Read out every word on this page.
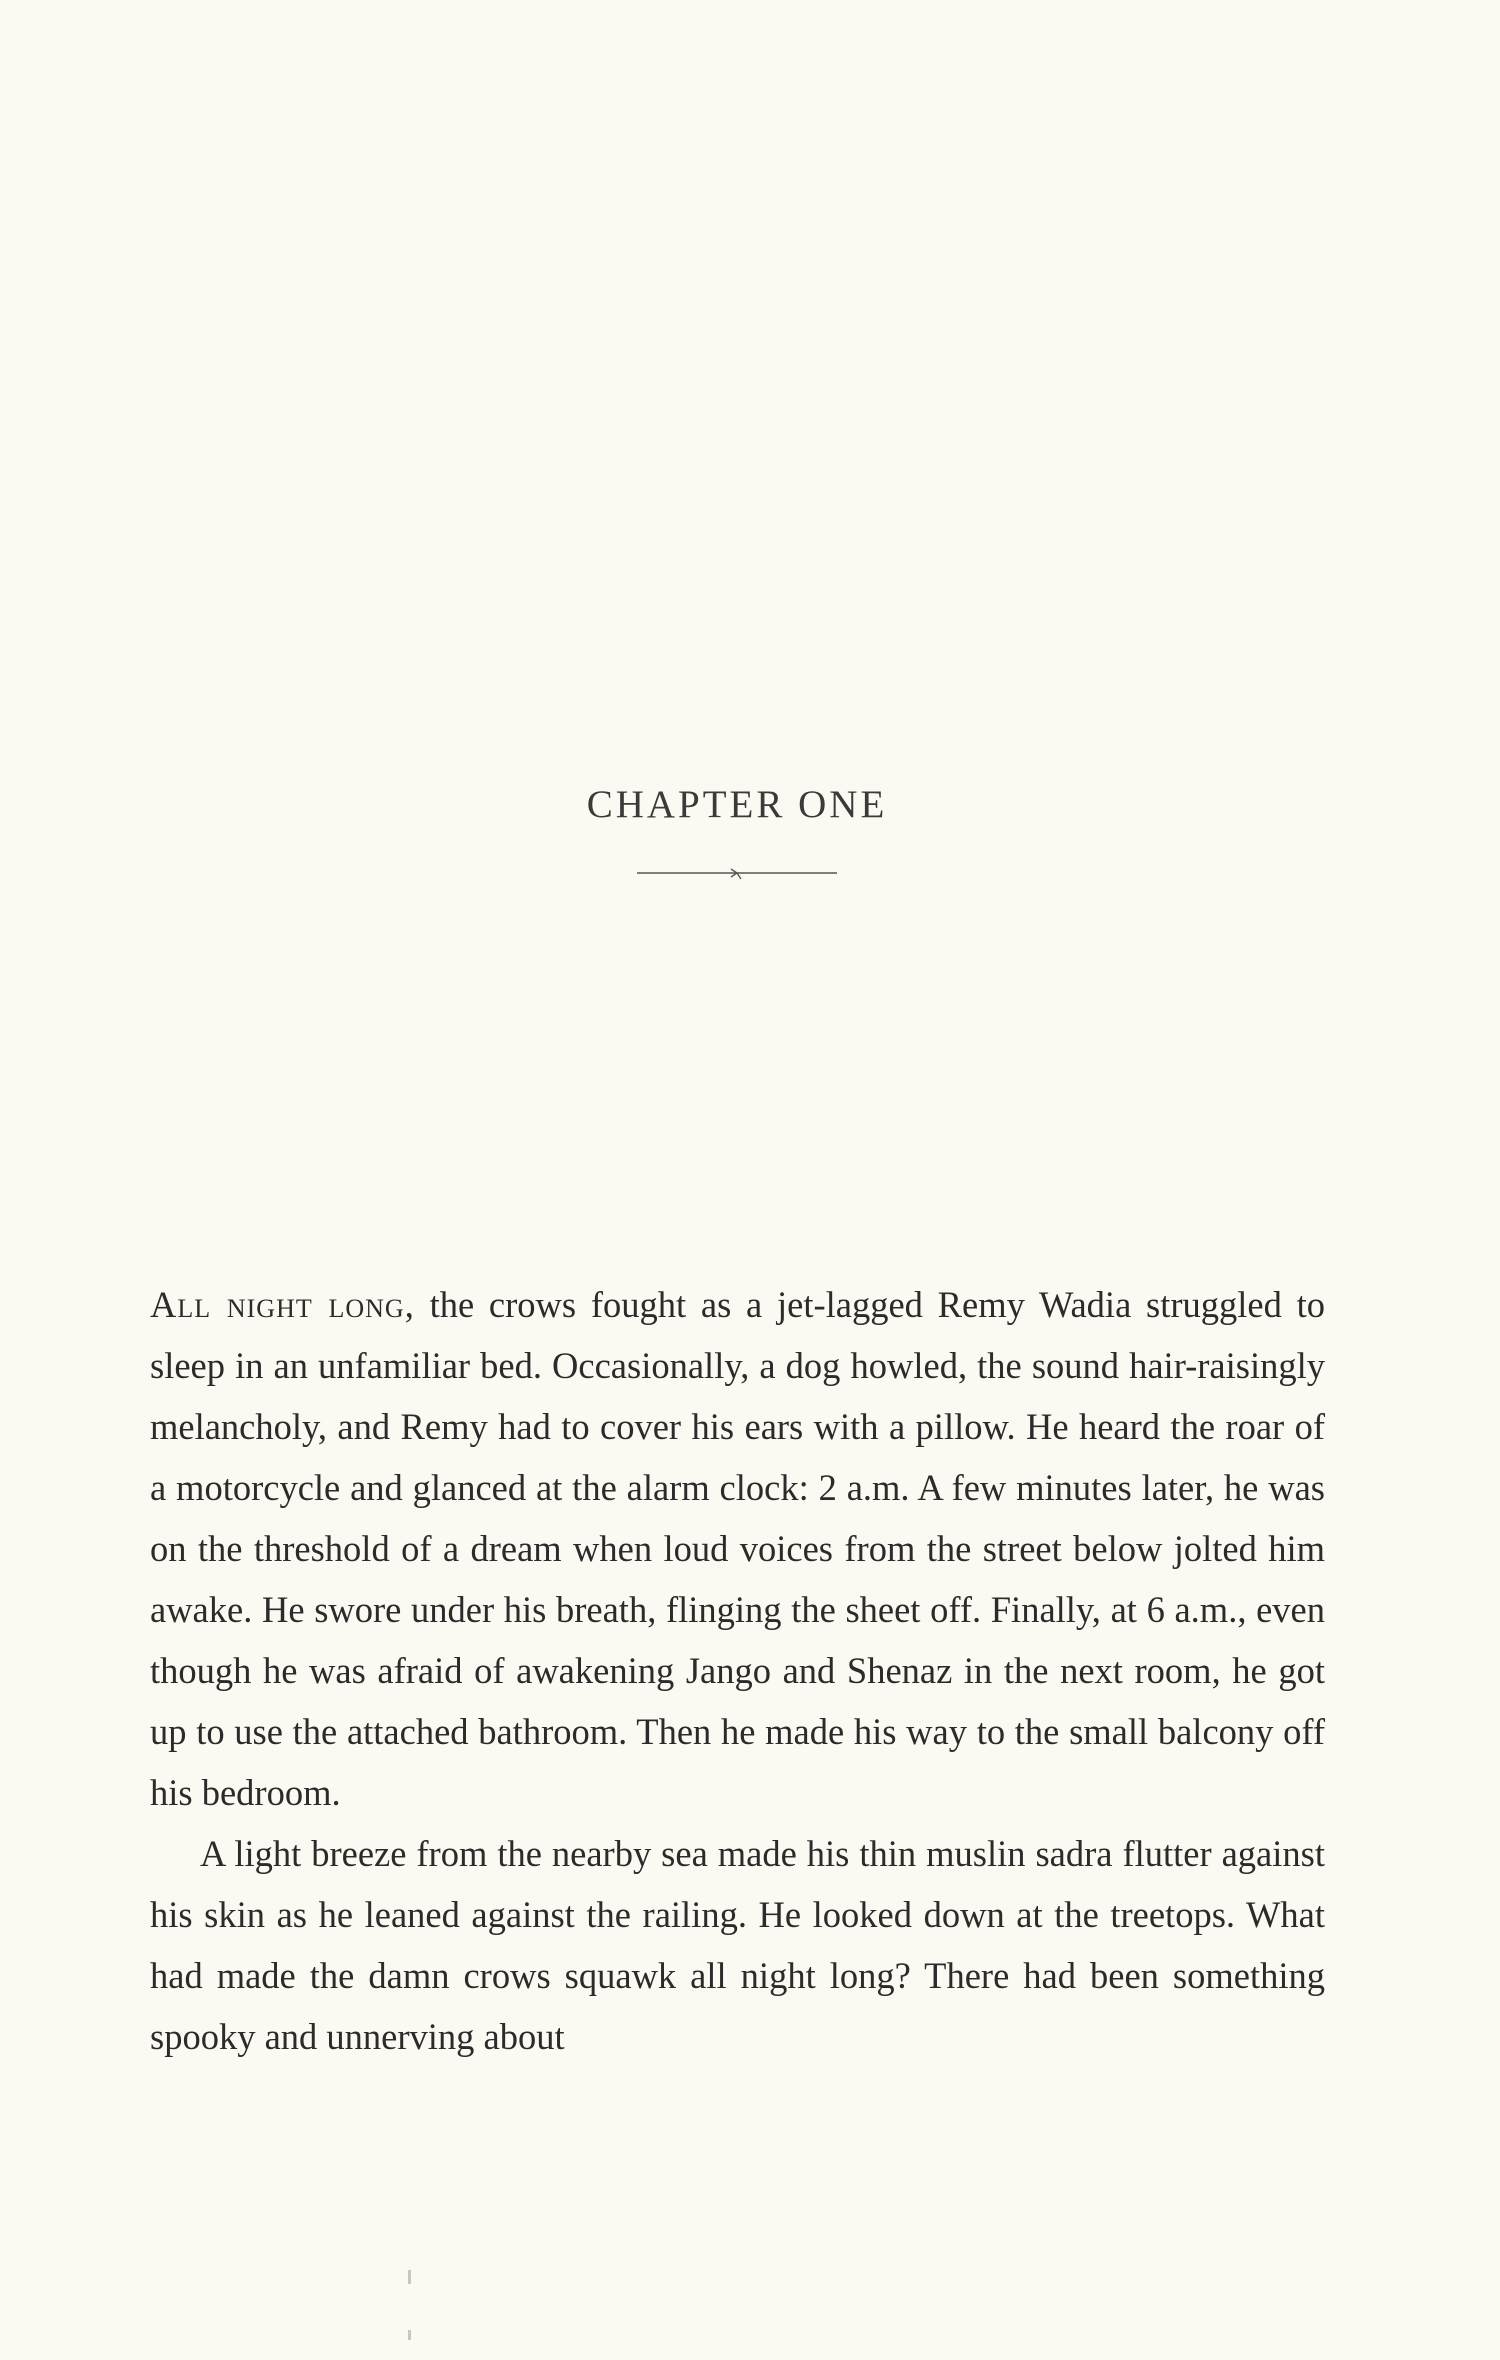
CHAPTER ONE

All night long, the crows fought as a jet-lagged Remy Wadia struggled to sleep in an unfamiliar bed. Occasionally, a dog howled, the sound hair-raisingly melancholy, and Remy had to cover his ears with a pillow. He heard the roar of a motorcycle and glanced at the alarm clock: 2 a.m. A few minutes later, he was on the threshold of a dream when loud voices from the street below jolted him awake. He swore under his breath, flinging the sheet off. Finally, at 6 a.m., even though he was afraid of awakening Jango and Shenaz in the next room, he got up to use the attached bathroom. Then he made his way to the small balcony off his bedroom.

A light breeze from the nearby sea made his thin muslin sadra flutter against his skin as he leaned against the railing. He looked down at the treetops. What had made the damn crows squawk all night long? There had been something spooky and unnerving about
